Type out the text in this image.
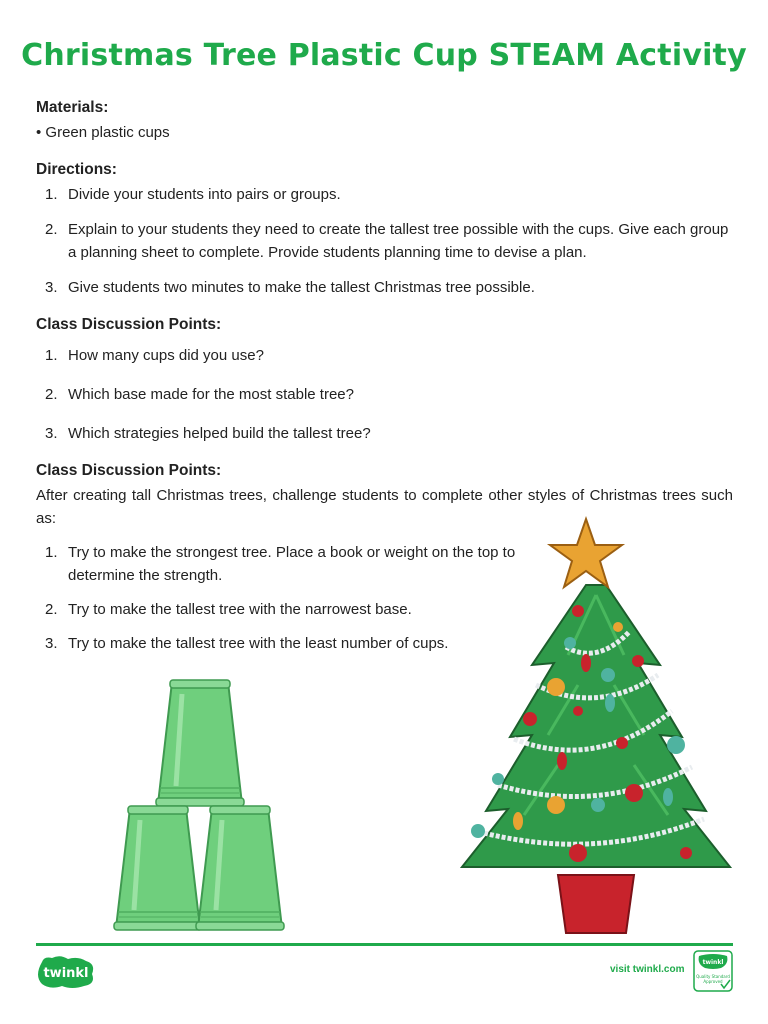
Christmas Tree Plastic Cup STEAM Activity

Materials:

• Green plastic cups

Directions:

1. Divide your students into pairs or groups.
2. Explain to your students they need to create the tallest tree possible with the cups. Give each group a planning sheet to complete. Provide students planning time to devise a plan.
3. Give students two minutes to make the tallest Christmas tree possible.

Class Discussion Points:

1. How many cups did you use?
2. Which base made for the most stable tree?
3. Which strategies helped build the tallest tree?

Class Discussion Points:

After creating tall Christmas trees, challenge students to complete other styles of Christmas trees such as:

1. Try to make the strongest tree. Place a book or weight on the top to determine the strength.
2. Try to make the tallest tree with the narrowest base.
3. Try to make the tallest tree with the least number of cups.
twinkl	visit twinkl.com
twinkl
Quality Standard
Approved
